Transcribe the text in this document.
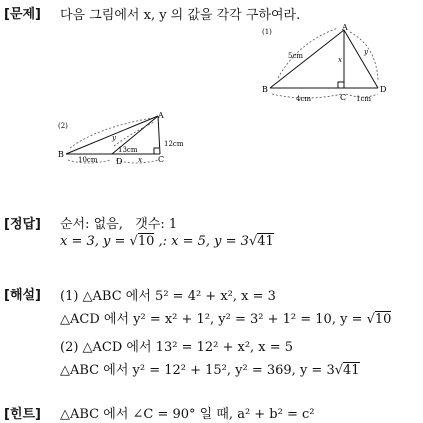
[문제] 다음 그림에서 x, y 의 값을 각각 구하여라.
(1)	A
B
C
D
5cm	y
x
4cm	1cm
(2)
A
B
C
D
y
13cm
12cm
10cm	x
[정답] 순서: 없음, 갯수: 1
x = 3, y = √10 ,: x = 5, y = 3√41
[해설] (1) △ABC 에서 5² = 4² + x², x = 3
△ACD 에서 y² = x² + 1², y² = 3² + 1² = 10, y = √10
(2) △ACD 에서 13² = 12² + x², x = 5
△ABC 에서 y² = 12² + 15², y² = 369, y = 3√41
[힌트] △ABC 에서 ∠C = 90° 일 때, a² + b² = c²
